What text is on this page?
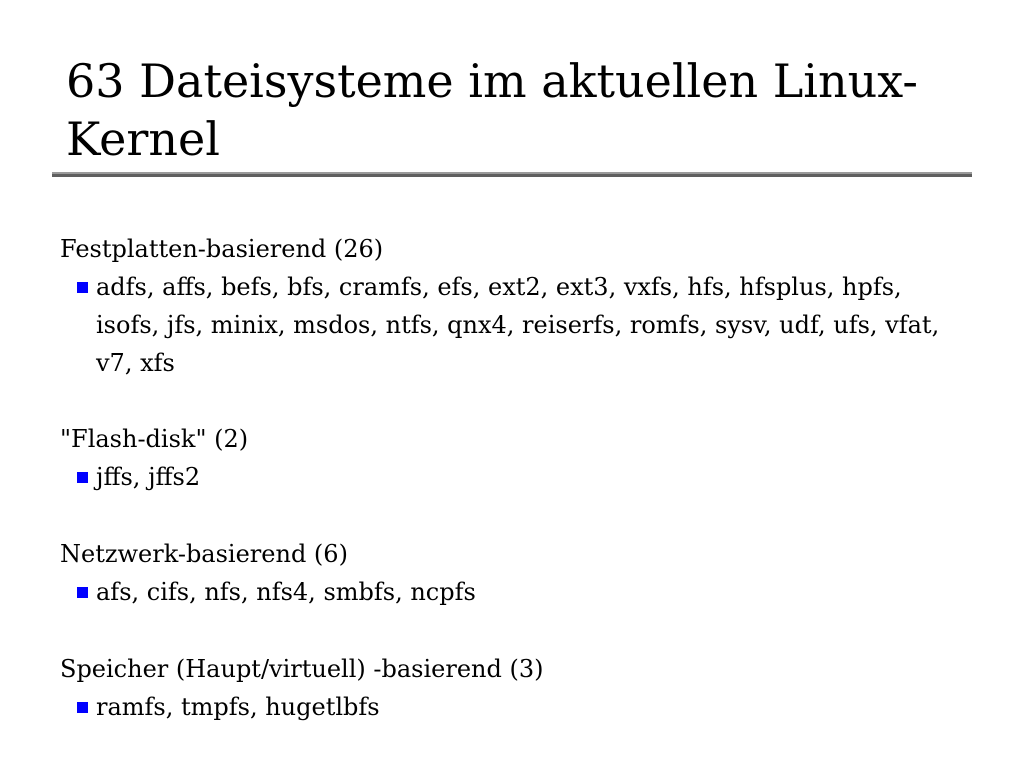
63 Dateisysteme im aktuellen Linux-Kernel
Festplatten-basierend (26)
adfs, affs, befs, bfs, cramfs, efs, ext2, ext3, vxfs, hfs, hfsplus, hpfs, isofs, jfs, minix, msdos, ntfs, qnx4, reiserfs, romfs, sysv, udf, ufs, vfat, v7, xfs
"Flash-disk" (2)
jffs, jffs2
Netzwerk-basierend (6)
afs, cifs, nfs, nfs4, smbfs, ncpfs
Speicher (Haupt/virtuell) -basierend (3)
ramfs, tmpfs, hugetlbfs
